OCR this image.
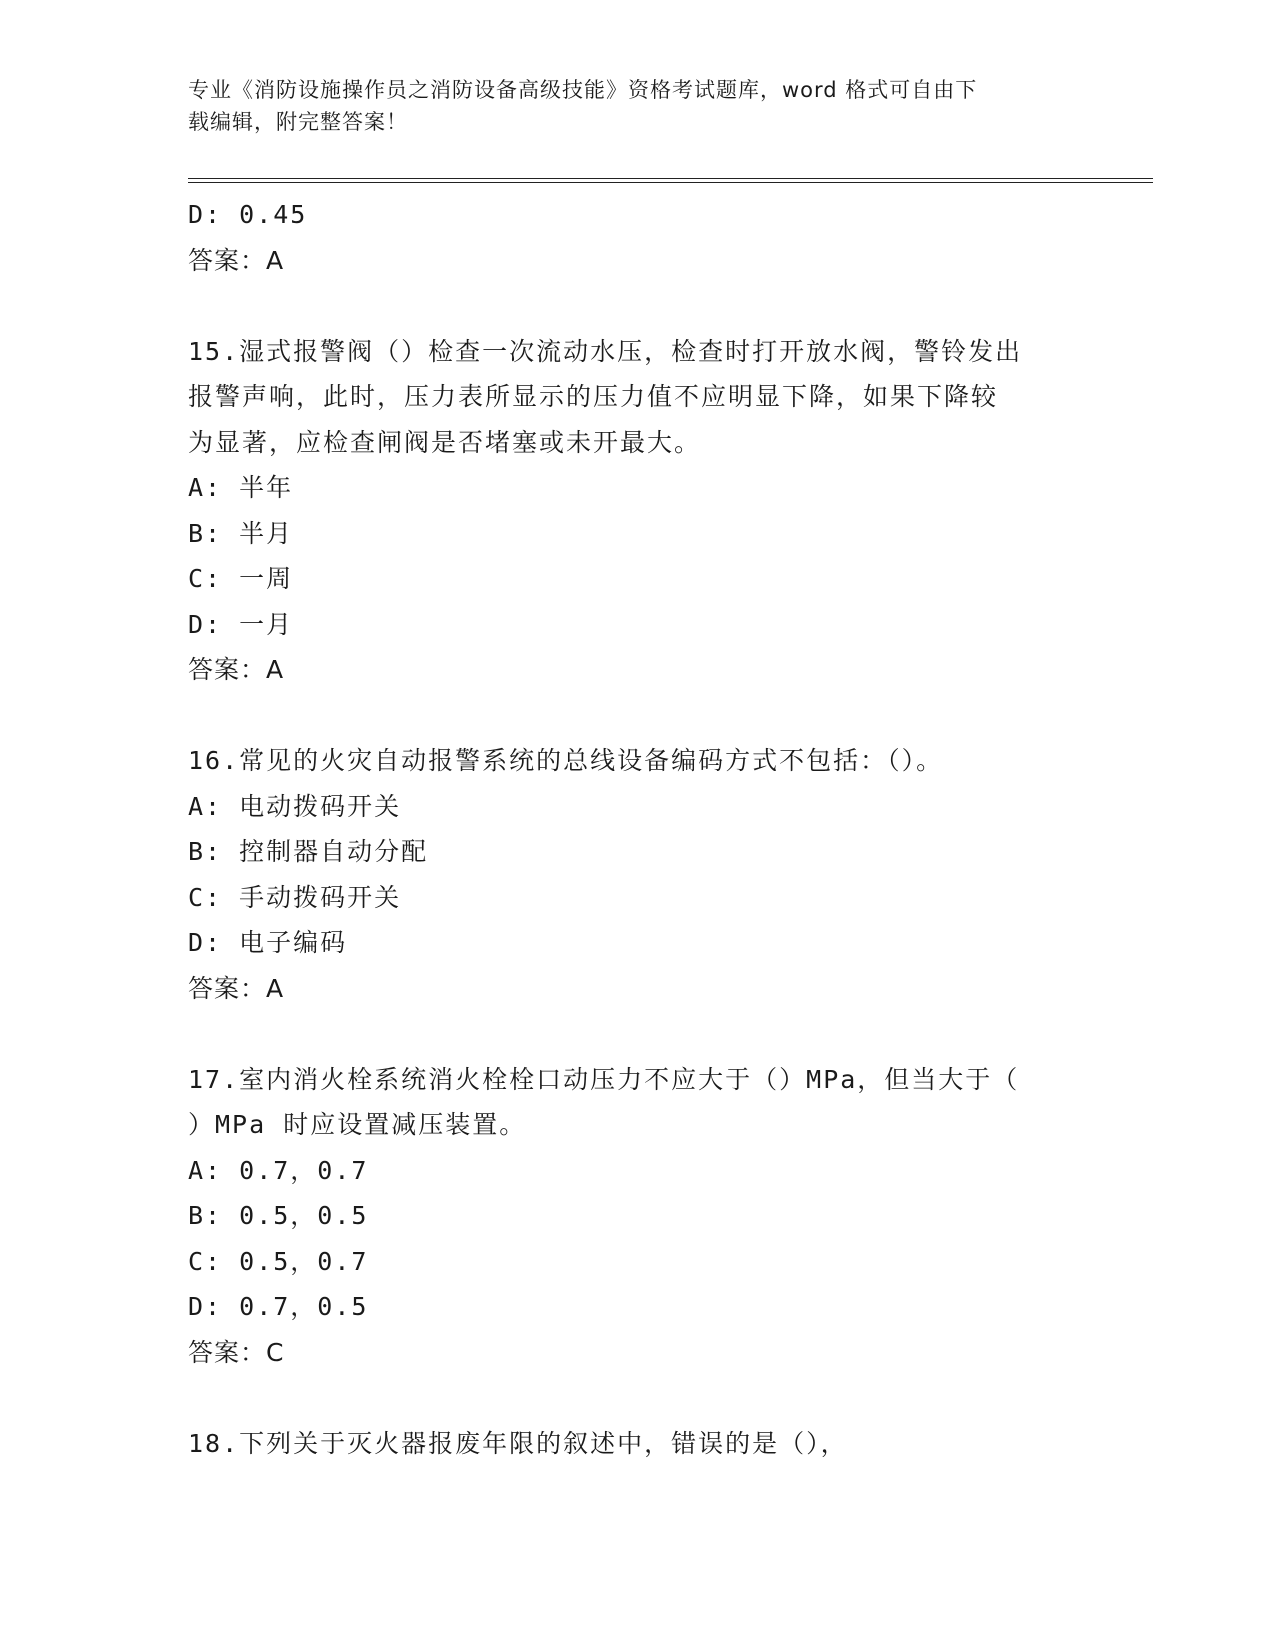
专业《消防设施操作员之消防设备高级技能》资格考试题库，word 格式可自由下
载编辑，附完整答案！
D: 0.45
答案：A
15.湿式报警阀（）检查一次流动水压，检查时打开放水阀，警铃发出
报警声响，此时，压力表所显示的压力值不应明显下降，如果下降较
为显著，应检查闸阀是否堵塞或未开最大。
A: 半年
B: 半月
C: 一周
D: 一月
答案：A
16.常见的火灾自动报警系统的总线设备编码方式不包括：（）。
A: 电动拨码开关
B: 控制器自动分配
C: 手动拨码开关
D: 电子编码
答案：A
17.室内消火栓系统消火栓栓口动压力不应大于（）MPa，但当大于（
）MPa 时应设置减压装置。
A: 0.7，0.7
B: 0.5，0.5
C: 0.5，0.7
D: 0.7，0.5
答案：C
18.下列关于灭火器报废年限的叙述中，错误的是（），
